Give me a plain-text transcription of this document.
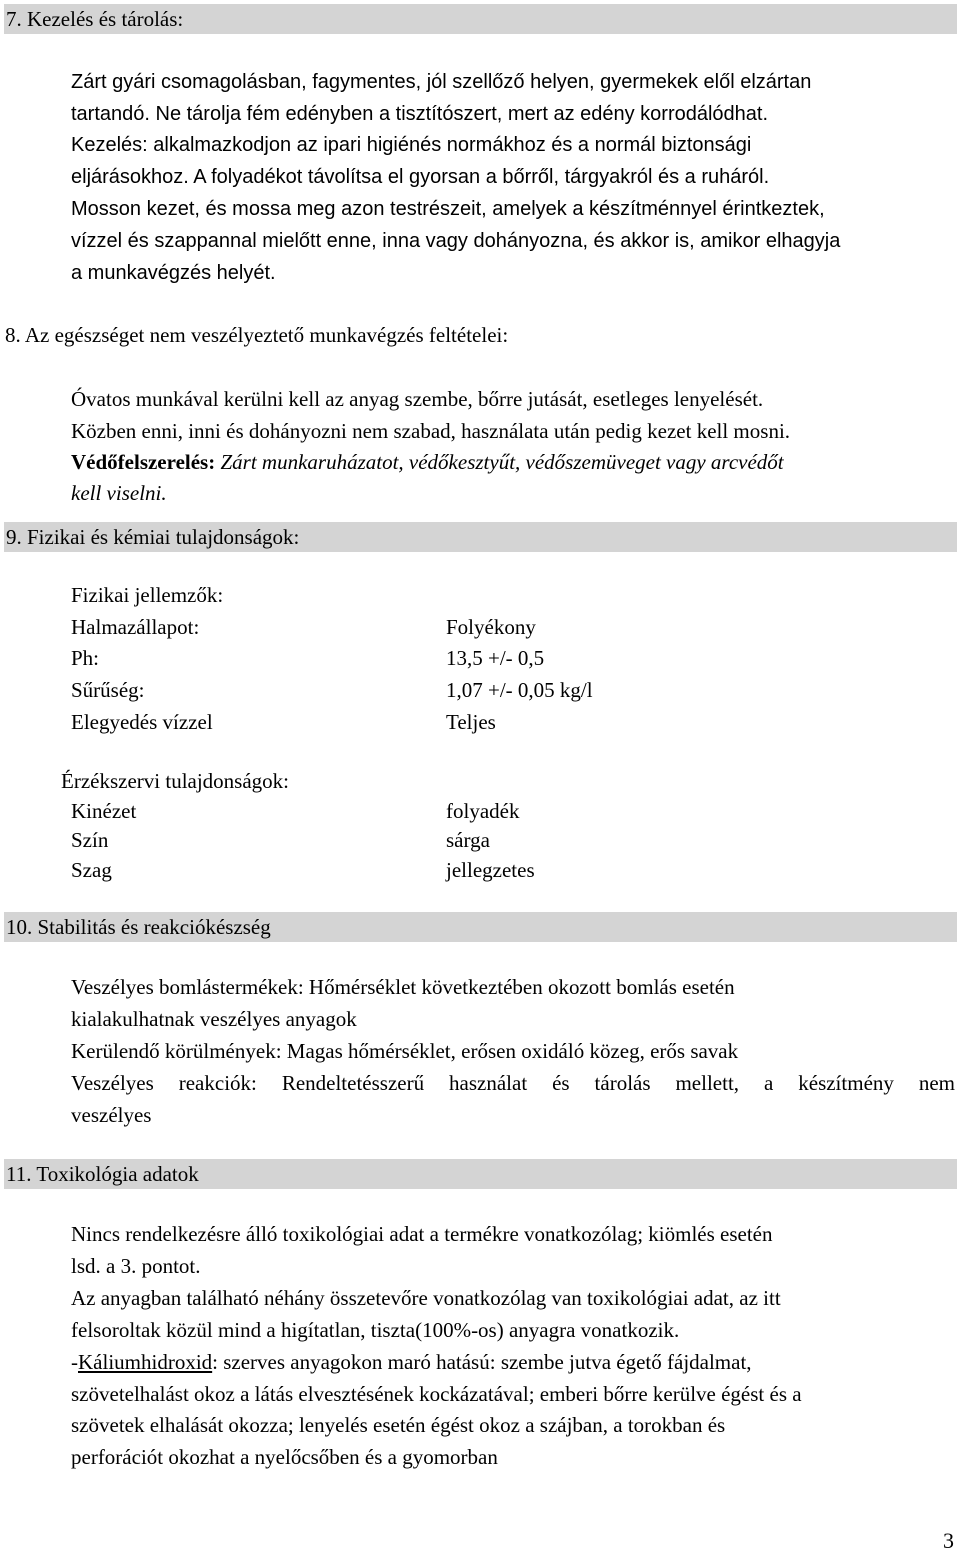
7. Kezelés és tárolás:
Zárt gyári csomagolásban, fagymentes, jól szellőző helyen, gyermekek elől elzártan
tartandó. Ne tárolja fém edényben a tisztítószert, mert az edény korrodálódhat.
Kezelés: alkalmazkodjon az ipari higiénés normákhoz és a normál biztonsági
eljárásokhoz. A folyadékot távolítsa el gyorsan a bőrről, tárgyakról és a ruháról.
Mosson kezet, és mossa meg azon testrészeit, amelyek a készítménnyel érintkeztek,
vízzel és szappannal mielőtt enne, inna vagy dohányozna, és akkor is, amikor elhagyja
a munkavégzés helyét.
8. Az egészséget nem veszélyeztető munkavégzés feltételei:
Óvatos munkával kerülni kell az anyag szembe, bőrre jutását, esetleges lenyelését.
Közben enni, inni és dohányozni nem szabad, használata után pedig kezet kell mosni.
Védőfelszerelés: Zárt munkaruházatot, védőkesztyűt, védőszemüveget vagy arcvédőt
kell viselni.
9. Fizikai és kémiai tulajdonságok:
Fizikai jellemzők:
Halmazállapot:	Folyékony
Ph:	13,5 +/- 0,5
Sűrűség:	1,07 +/- 0,05 kg/l
Elegyedés vízzel	Teljes
Érzékszervi tulajdonságok:
Kinézet	folyadék
Szín	sárga
Szag	jellegzetes
10. Stabilitás és reakciókészség
Veszélyes bomlástermékek: Hőmérséklet következtében okozott bomlás esetén
kialakulhatnak veszélyes anyagok
Kerülendő körülmények: Magas hőmérséklet, erősen oxidáló közeg, erős savak
Veszélyes reakciók: Rendeltetésszerű használat és tárolás mellett, a készítmény nem
veszélyes
11. Toxikológia adatok
Nincs rendelkezésre álló toxikológiai adat a termékre vonatkozólag; kiömlés esetén
lsd. a 3. pontot.
Az anyagban található néhány összetevőre vonatkozólag van toxikológiai adat, az itt
felsoroltak közül mind a higítatlan, tiszta(100%-os) anyagra vonatkozik.
-Káliumhidroxid: szerves anyagokon maró hatású: szembe jutva égető fájdalmat,
szövetelhalást okoz a látás elvesztésének kockázatával; emberi bőrre kerülve égést és a
szövetek elhalását okozza; lenyelés esetén égést okoz a szájban, a torokban és
perforációt okozhat a nyelőcsőben és a gyomorban
3
